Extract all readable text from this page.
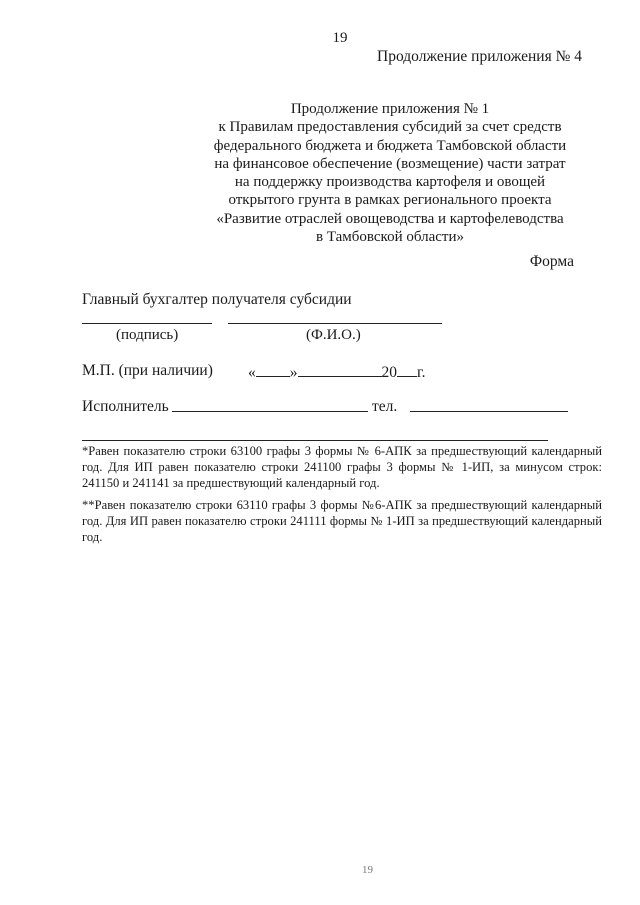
19
Продолжение приложения № 4
Продолжение приложения № 1
к Правилам предоставления субсидий за счет средств
федерального бюджета и бюджета Тамбовской области
на финансовое обеспечение (возмещение) части затрат
на поддержку производства картофеля и овощей
открытого грунта в рамках регионального проекта
«Развитие отраслей овощеводства и картофелеводства
в Тамбовской области»
Форма
Главный бухгалтер получателя субсидии
(подпись)	(Ф.И.О.)
М.П. (при наличии) « »	20 г.
Исполнитель	тел.

*Равен показателю строки 63100 графы 3 формы № 6-АПК за предшествующий календарный год. Для ИП равен показателю строки 241100 графы 3 формы № 1-ИП, за минусом строк: 241150 и 241141 за предшествующий календарный год.

**Равен показателю строки 63110 графы 3 формы №6-АПК за предшествующий календарный год. Для ИП равен показателю строки 241111 формы № 1-ИП за предшествующий календарный год.

19
